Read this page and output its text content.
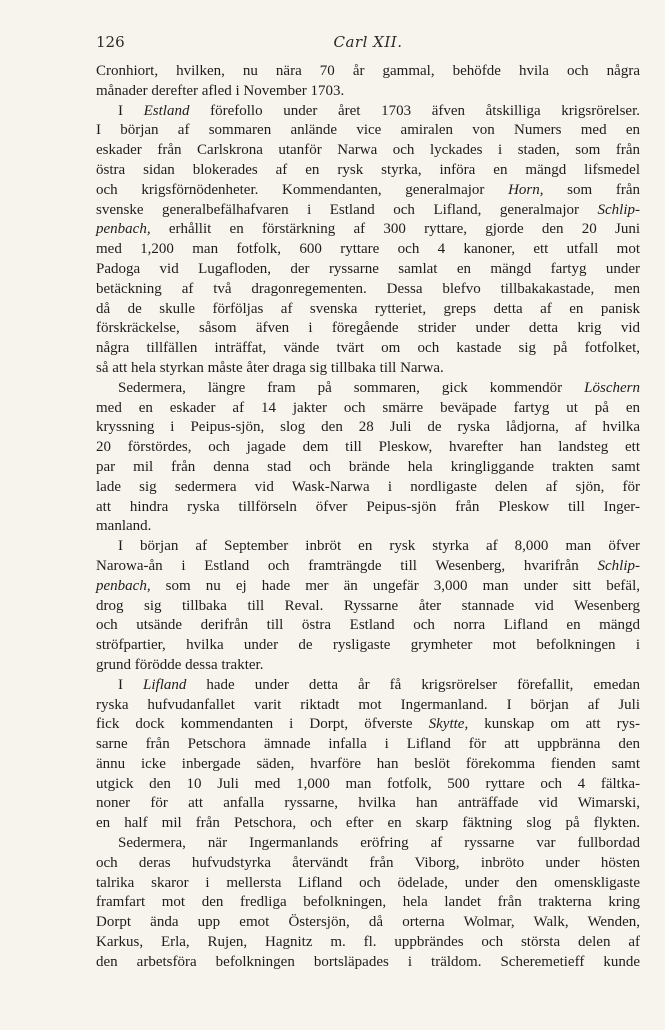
126	Carl XII.
Cronhiort, hvilken, nu nära 70 år gammal, behöfde hvila och några
månader derefter afled i November 1703.
I Estland förefollo under året 1703 äfven åtskilliga krigsrörelser.
I början af sommaren anlände vice amiralen von Numers med en
eskader från Carlskrona utanför Narwa och lyckades i staden, som från
östra sidan blokerades af en rysk styrka, införa en mängd lifsmedel
och krigsförnödenheter. Kommendanten, generalmajor Horn, som från
svenske generalbefälhafvaren i Estland och Lifland, generalmajor Schlip-
penbach, erhållit en förstärkning af 300 ryttare, gjorde den 20 Juni
med 1,200 man fotfolk, 600 ryttare och 4 kanoner, ett utfall mot
Padoga vid Lugafloden, der ryssarne samlat en mängd fartyg under
betäckning af två dragonregementen. Dessa blefvo tillbakakastade, men
då de skulle förföljas af svenska rytteriet, greps detta af en panisk
förskräckelse, såsom äfven i föregående strider under detta krig vid
några tillfällen inträffat, vände tvärt om och kastade sig på fotfolket,
så att hela styrkan måste åter draga sig tillbaka till Narwa.
Sedermera, längre fram på sommaren, gick kommendör Löschern
med en eskader af 14 jakter och smärre beväpade fartyg ut på en
kryssning i Peipus-sjön, slog den 28 Juli de ryska lådjorna, af hvilka
20 förstördes, och jagade dem till Pleskow, hvarefter han landsteg ett
par mil från denna stad och brände hela kringliggande trakten samt
lade sig sedermera vid Wask-Narwa i nordligaste delen af sjön, för
att hindra ryska tillförseln öfver Peipus-sjön från Pleskow till Inger-
manland.
I början af September inbröt en rysk styrka af 8,000 man öfver
Narowa-ån i Estland och framträngde till Wesenberg, hvarifrån Schlip-
penbach, som nu ej hade mer än ungefär 3,000 man under sitt befäl,
drog sig tillbaka till Reval. Ryssarne åter stannade vid Wesenberg
och utsände derifrån till östra Estland och norra Lifland en mängd
ströfpartier, hvilka under de rysligaste grymheter mot befolkningen i
grund förödde dessa trakter.
I Lifland hade under detta år få krigsrörelser förefallit, emedan
ryska hufvudanfallet varit riktadt mot Ingermanland. I början af Juli
fick dock kommendanten i Dorpt, öfverste Skytte, kunskap om att rys-
sarne från Petschora ämnade infalla i Lifland för att uppbränna den
ännu icke inbergade säden, hvarföre han beslöt förekomma fienden samt
utgick den 10 Juli med 1,000 man fotfolk, 500 ryttare och 4 fältka-
noner för att anfalla ryssarne, hvilka han anträffade vid Wimarski,
en half mil från Petschora, och efter en skarp fäktning slog på flykten.
Sedermera, när Ingermanlands eröfring af ryssarne var fullbordad
och deras hufvudstyrka återvändt från Viborg, inbröto under hösten
talrika skaror i mellersta Lifland och ödelade, under den omenskligaste
framfart mot den fredliga befolkningen, hela landet från trakterna kring
Dorpt ända upp emot Östersjön, då orterna Wolmar, Walk, Wenden,
Karkus, Erla, Rujen, Hagnitz m. fl. uppbrändes och största delen af
den arbetsföra befolkningen bortsläpades i träldom. Scheremetieff kunde
